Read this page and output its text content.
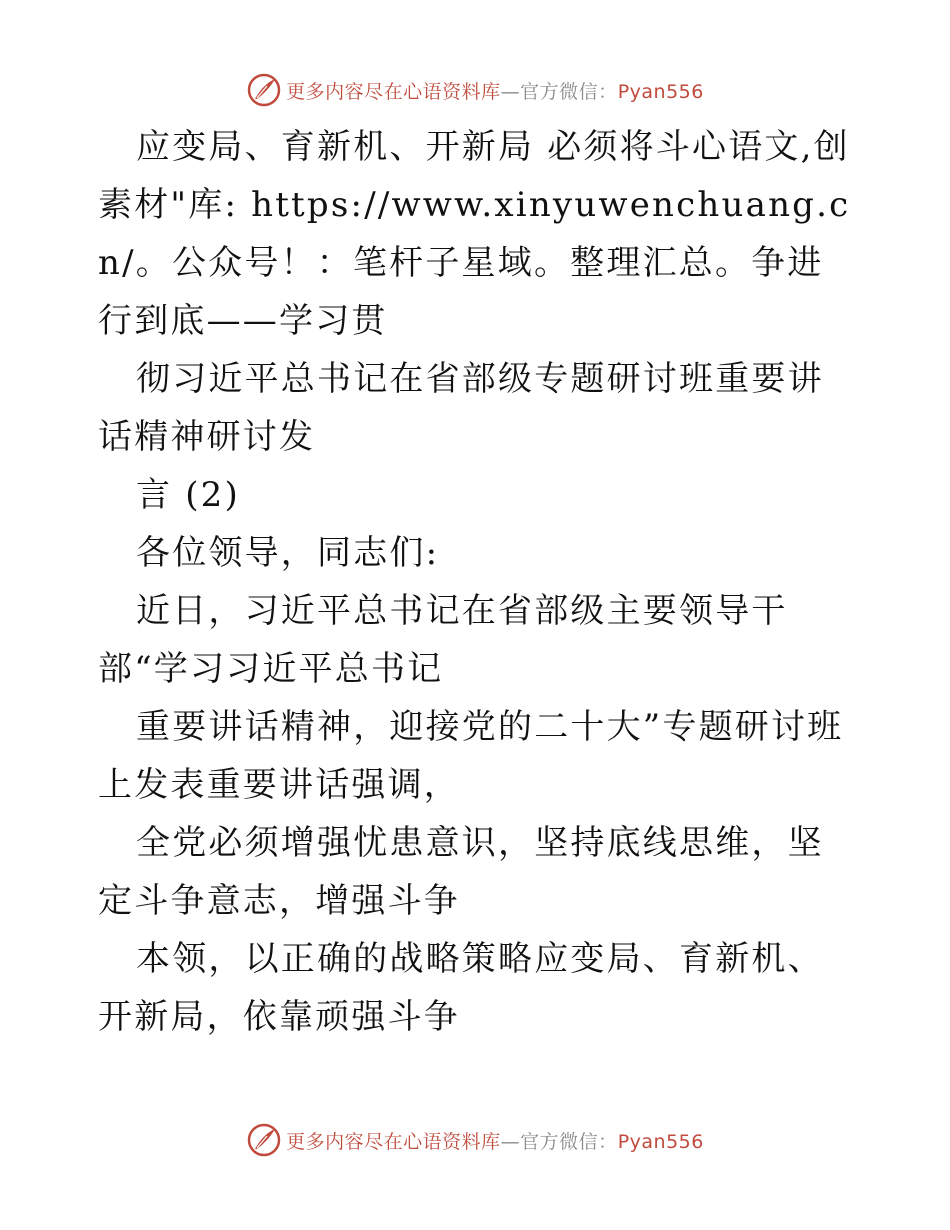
更多内容尽在心语资料库—官方微信：Pyan556

应变局、育新机、开新局 必须将斗心语文,创素材"库: https://www.xinyuwenchuang.cn/。公众号！：笔杆子星域。整理汇总。争进行到底——学习贯

彻习近平总书记在省部级专题研讨班重要讲话精神研讨发

言 (2)

各位领导，同志们:

近日，习近平总书记在省部级主要领导干部“学习习近平总书记

重要讲话精神，迎接党的二十大”专题研讨班上发表重要讲话强调，

全党必须增强忧患意识，坚持底线思维，坚定斗争意志，增强斗争

本领，以正确的战略策略应变局、育新机、开新局，依靠顽强斗争

更多内容尽在心语资料库—官方微信：Pyan556
